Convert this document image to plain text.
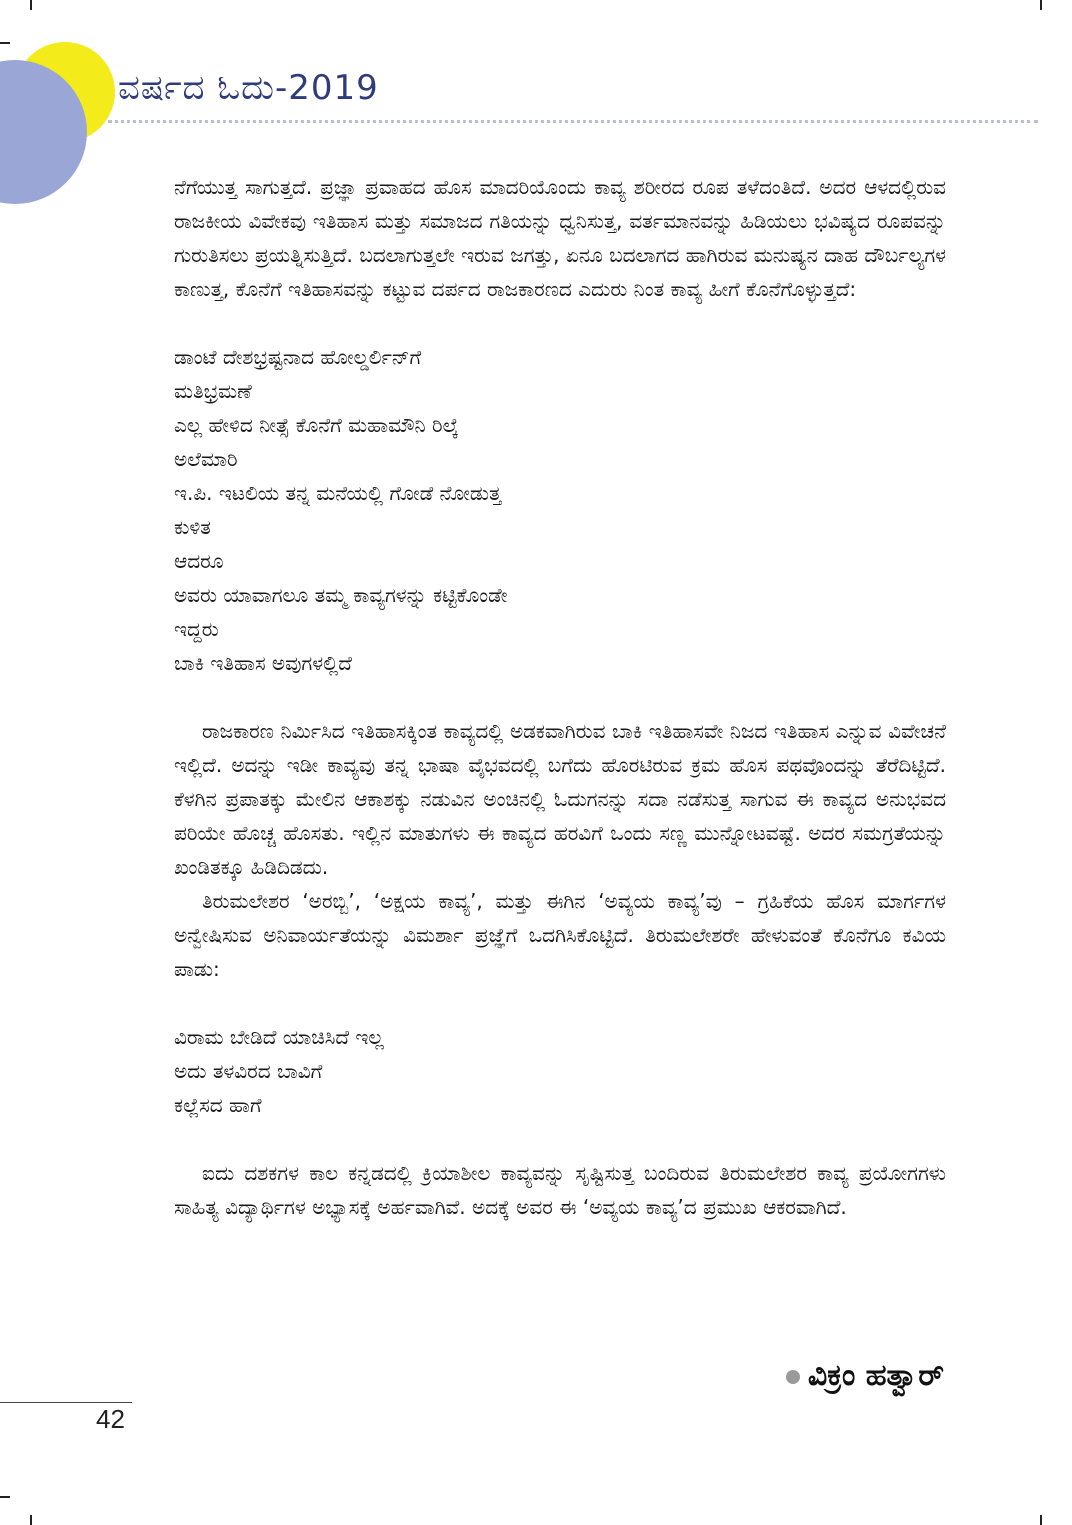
ವರ್ಷದ ಓದು-2019

ನೆಗೆಯುತ್ತ ಸಾಗುತ್ತದೆ. ಪ್ರಜ್ಞಾ ಪ್ರವಾಹದ ಹೊಸ ಮಾದರಿಯೊಂದು ಕಾವ್ಯ ಶರೀರದ ರೂಪ ತಳೆದಂತಿದೆ. ಅದರ ಆಳದಲ್ಲಿರುವ ರಾಜಕೀಯ ವಿವೇಕವು ಇತಿಹಾಸ ಮತ್ತು ಸಮಾಜದ ಗತಿಯನ್ನು ಧ್ವನಿಸುತ್ತ, ವರ್ತಮಾನವನ್ನು ಹಿಡಿಯಲು ಭವಿಷ್ಯದ ರೂಪವನ್ನು ಗುರುತಿಸಲು ಪ್ರಯತ್ನಿಸುತ್ತಿದೆ. ಬದಲಾಗುತ್ತಲೇ ಇರುವ ಜಗತ್ತು, ಏನೂ ಬದಲಾಗದ ಹಾಗಿರುವ ಮನುಷ್ಯನ ದಾಹ ದೌರ್ಬಲ್ಯಗಳ ಕಾಣುತ್ತ, ಕೊನೆಗೆ ಇತಿಹಾಸವನ್ನು ಕಟ್ಟುವ ದರ್ಪದ ರಾಜಕಾರಣದ ಎದುರು ನಿಂತ ಕಾವ್ಯ ಹೀಗೆ ಕೊನೆಗೊಳ್ಳುತ್ತದೆ:

ಡಾಂಟೆ ದೇಶಭ್ರಷ್ಟನಾದ ಹೋಲ್ಡರ್ಲಿನ್‌ಗೆ
ಮತಿಭ್ರಮಣೆ
ಎಲ್ಲ ಹೇಳಿದ ನೀತ್ಸೆ ಕೊನೆಗೆ ಮಹಾಮೌನಿ ರಿಲ್ಕೆ
ಅಲೆಮಾರಿ
ಇ.ಪಿ. ಇಟಲಿಯ ತನ್ನ ಮನೆಯಲ್ಲಿ ಗೋಡೆ ನೋಡುತ್ತ
ಕುಳಿತ
ಆದರೂ
ಅವರು ಯಾವಾಗಲೂ ತಮ್ಮ ಕಾವ್ಯಗಳನ್ನು ಕಟ್ಟಿಕೊಂಡೇ
ಇದ್ದರು
ಬಾಕಿ ಇತಿಹಾಸ ಅವುಗಳಲ್ಲಿದೆ

ರಾಜಕಾರಣ ನಿರ್ಮಿಸಿದ ಇತಿಹಾಸಕ್ಕಿಂತ ಕಾವ್ಯದಲ್ಲಿ ಅಡಕವಾಗಿರುವ ಬಾಕಿ ಇತಿಹಾಸವೇ ನಿಜದ ಇತಿಹಾಸ ಎನ್ನುವ ವಿವೇಚನೆ ಇಲ್ಲಿದೆ. ಅದನ್ನು ಇಡೀ ಕಾವ್ಯವು ತನ್ನ ಭಾಷಾ ವೈಭವದಲ್ಲಿ ಬಗೆದು ಹೊರಟಿರುವ ಕ್ರಮ ಹೊಸ ಪಥವೊಂದನ್ನು ತೆರೆದಿಟ್ಟಿದೆ. ಕೆಳಗಿನ ಪ್ರಪಾತಕ್ಕು ಮೇಲಿನ ಆಕಾಶಕ್ಕು ನಡುವಿನ ಅಂಚಿನಲ್ಲಿ ಓದುಗನನ್ನು ಸದಾ ನಡೆಸುತ್ತ ಸಾಗುವ ಈ ಕಾವ್ಯದ ಅನುಭವದ ಪರಿಯೇ ಹೊಚ್ಚ ಹೊಸತು. ಇಲ್ಲಿನ ಮಾತುಗಳು ಈ ಕಾವ್ಯದ ಹರವಿಗೆ ಒಂದು ಸಣ್ಣ ಮುನ್ನೋಟವಷ್ಟೆ. ಅದರ ಸಮಗ್ರತೆಯನ್ನು ಖಂಡಿತಕ್ಕೂ ಹಿಡಿದಿಡದು.

ತಿರುಮಲೇಶರ ‘ಅರಬ್ಬಿ’, ‘ಅಕ್ಷಯ ಕಾವ್ಯ’, ಮತ್ತು ಈಗಿನ ‘ಅವ್ಯಯ ಕಾವ್ಯ’ವು – ಗ್ರಹಿಕೆಯ ಹೊಸ ಮಾರ್ಗಗಳ ಅನ್ವೇಷಿಸುವ ಅನಿವಾರ್ಯತೆಯನ್ನು ವಿಮರ್ಶಾ ಪ್ರಜ್ಞೆಗೆ ಒದಗಿಸಿಕೊಟ್ಟಿದೆ. ತಿರುಮಲೇಶರೇ ಹೇಳುವಂತೆ ಕೊನೆಗೂ ಕವಿಯ ಪಾಡು:

ವಿರಾಮ ಬೇಡಿದೆ ಯಾಚಿಸಿದೆ ಇಲ್ಲ
ಅದು ತಳವಿರದ ಬಾವಿಗೆ
ಕಲ್ಲೆಸದ ಹಾಗೆ

ಐದು ದಶಕಗಳ ಕಾಲ ಕನ್ನಡದಲ್ಲಿ ಕ್ರಿಯಾಶೀಲ ಕಾವ್ಯವನ್ನು ಸೃಷ್ಟಿಸುತ್ತ ಬಂದಿರುವ ತಿರುಮಲೇಶರ ಕಾವ್ಯ ಪ್ರಯೋಗಗಳು ಸಾಹಿತ್ಯ ವಿದ್ಯಾರ್ಥಿಗಳ ಅಭ್ಯಾಸಕ್ಕೆ ಅರ್ಹವಾಗಿವೆ. ಅದಕ್ಕೆ ಅವರ ಈ ‘ಅವ್ಯಯ ಕಾವ್ಯ’ದ ಪ್ರಮುಖ ಆಕರವಾಗಿದೆ.

ವಿಕ್ರಂ ಹತ್ವಾರ್
42
